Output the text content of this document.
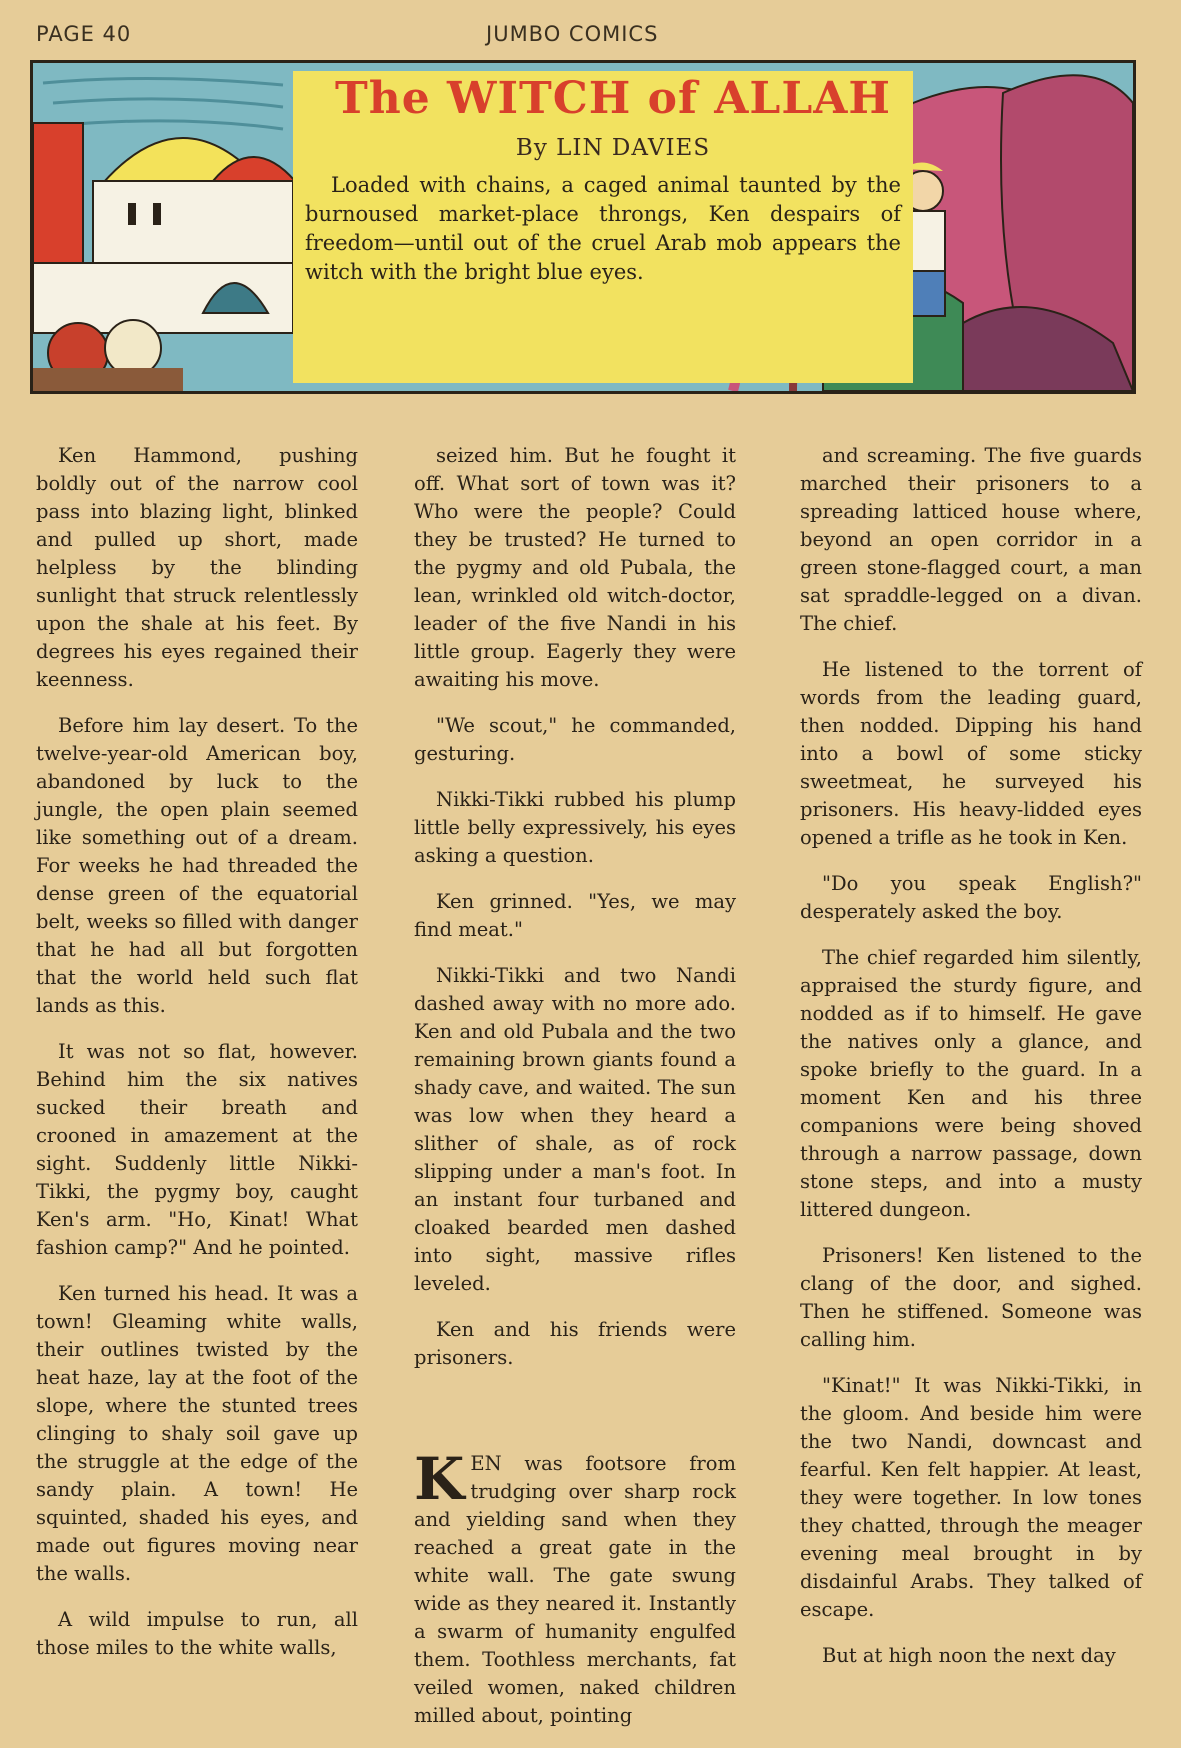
PAGE 40	JUMBO COMICS
The WITCH of ALLAH
By LIN DAVIES
Loaded with chains, a caged animal taunted by the burnoused market-place throngs, Ken despairs of freedom—until out of the cruel Arab mob appears the witch with the bright blue eyes.

Ken Hammond, pushing boldly out of the narrow cool pass into blazing light, blinked and pulled up short, made helpless by the blinding sunlight that struck relentlessly upon the shale at his feet. By degrees his eyes regained their keenness.

Before him lay desert. To the twelve-year-old American boy, abandoned by luck to the jungle, the open plain seemed like something out of a dream. For weeks he had threaded the dense green of the equatorial belt, weeks so filled with danger that he had all but forgotten that the world held such flat lands as this.

It was not so flat, however. Behind him the six natives sucked their breath and crooned in amazement at the sight. Suddenly little Nikki-Tikki, the pygmy boy, caught Ken's arm. "Ho, Kinat! What fashion camp?" And he pointed.

Ken turned his head. It was a town! Gleaming white walls, their outlines twisted by the heat haze, lay at the foot of the slope, where the stunted trees clinging to shaly soil gave up the struggle at the edge of the sandy plain. A town! He squinted, shaded his eyes, and made out figures moving near the walls.

A wild impulse to run, all those miles to the white walls,

seized him. But he fought it off. What sort of town was it? Who were the people? Could they be trusted? He turned to the pygmy and old Pubala, the lean, wrinkled old witch-doctor, leader of the five Nandi in his little group. Eagerly they were awaiting his move.

"We scout," he commanded, gesturing.

Nikki-Tikki rubbed his plump little belly expressively, his eyes asking a question.

Ken grinned. "Yes, we may find meat."

Nikki-Tikki and two Nandi dashed away with no more ado. Ken and old Pubala and the two remaining brown giants found a shady cave, and waited. The sun was low when they heard a slither of shale, as of rock slipping under a man's foot. In an instant four turbaned and cloaked bearded men dashed into sight, massive rifles leveled.

Ken and his friends were prisoners.

KEN was footsore from trudging over sharp rock and yielding sand when they reached a great gate in the white wall. The gate swung wide as they neared it. Instantly a swarm of humanity engulfed them. Toothless merchants, fat veiled women, naked children milled about, pointing

and screaming. The five guards marched their prisoners to a spreading latticed house where, beyond an open corridor in a green stone-flagged court, a man sat spraddle-legged on a divan. The chief.

He listened to the torrent of words from the leading guard, then nodded. Dipping his hand into a bowl of some sticky sweetmeat, he surveyed his prisoners. His heavy-lidded eyes opened a trifle as he took in Ken.

"Do you speak English?" desperately asked the boy.

The chief regarded him silently, appraised the sturdy figure, and nodded as if to himself. He gave the natives only a glance, and spoke briefly to the guard. In a moment Ken and his three companions were being shoved through a narrow passage, down stone steps, and into a musty littered dungeon.

Prisoners! Ken listened to the clang of the door, and sighed. Then he stiffened. Someone was calling him.

"Kinat!" It was Nikki-Tikki, in the gloom. And beside him were the two Nandi, downcast and fearful. Ken felt happier. At least, they were together. In low tones they chatted, through the meager evening meal brought in by disdainful Arabs. They talked of escape.

But at high noon the next day
